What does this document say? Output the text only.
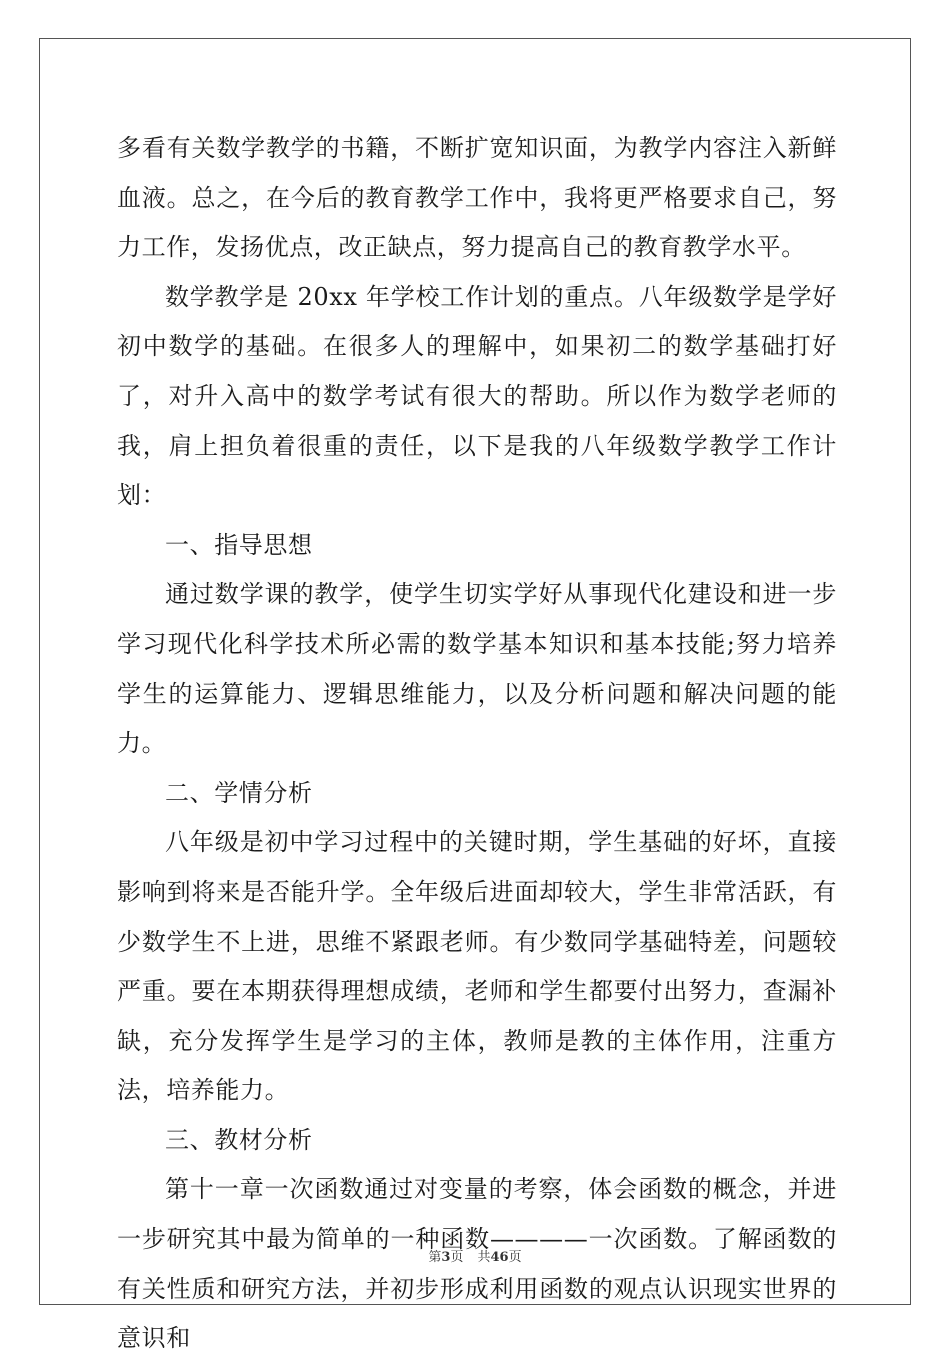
多看有关数学教学的书籍，不断扩宽知识面，为教学内容注入新鲜血液。总之，在今后的教育教学工作中，我将更严格要求自己，努力工作，发扬优点，改正缺点，努力提高自己的教育教学水平。

数学教学是 20xx 年学校工作计划的重点。八年级数学是学好初中数学的基础。在很多人的理解中，如果初二的数学基础打好了，对升入高中的数学考试有很大的帮助。所以作为数学老师的我，肩上担负着很重的责任，以下是我的八年级数学教学工作计划：

一、指导思想

通过数学课的教学，使学生切实学好从事现代化建设和进一步学习现代化科学技术所必需的数学基本知识和基本技能;努力培养学生的运算能力、逻辑思维能力，以及分析问题和解决问题的能力。

二、学情分析

八年级是初中学习过程中的关键时期，学生基础的好坏，直接影响到将来是否能升学。全年级后进面却较大，学生非常活跃，有少数学生不上进，思维不紧跟老师。有少数同学基础特差，问题较严重。要在本期获得理想成绩，老师和学生都要付出努力，查漏补缺，充分发挥学生是学习的主体，教师是教的主体作用，注重方法，培养能力。

三、教材分析

第十一章一次函数通过对变量的考察，体会函数的概念，并进一步研究其中最为简单的一种函数————一次函数。了解函数的有关性质和研究方法，并初步形成利用函数的观点认识现实世界的意识和

第3页 共46页
